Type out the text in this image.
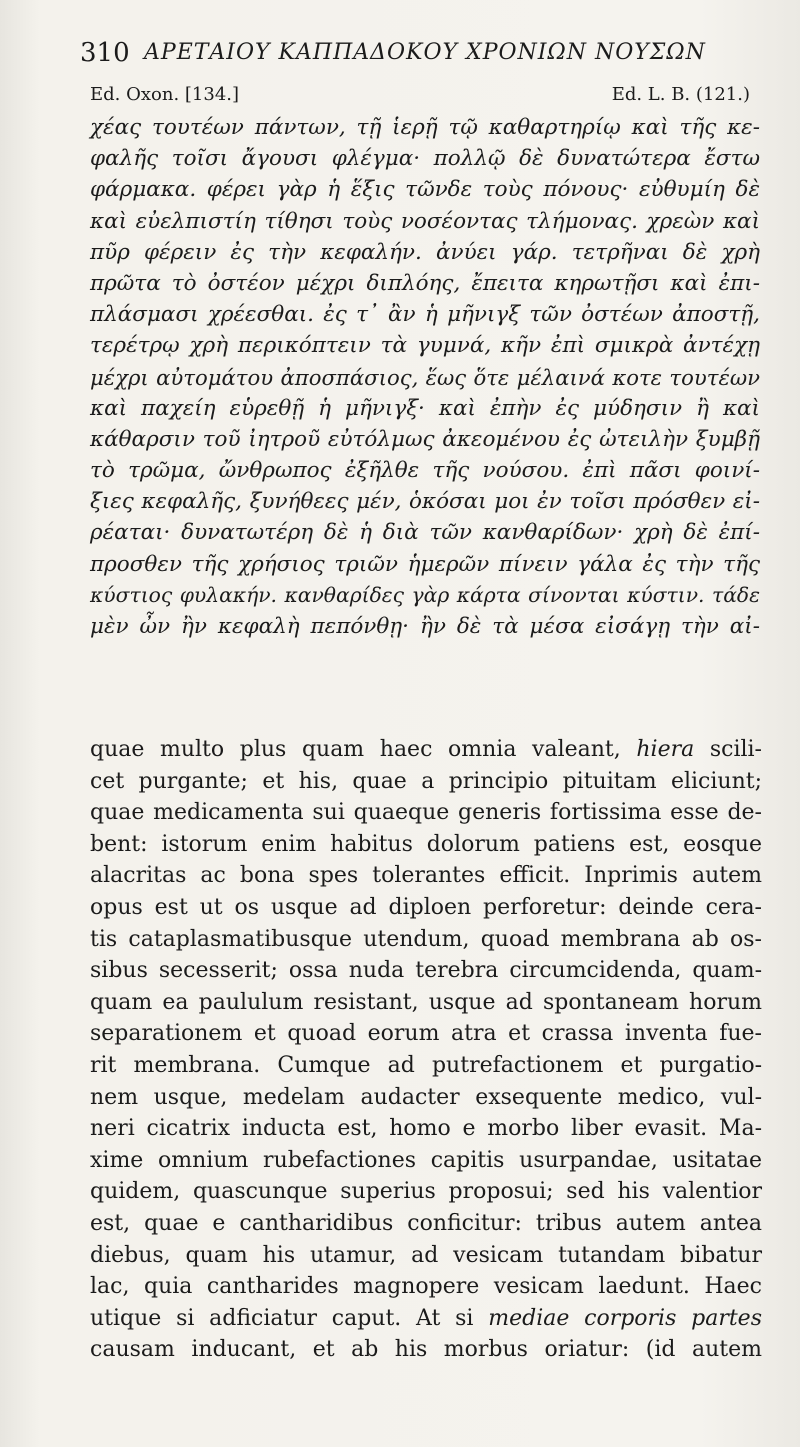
310 ΑΡΕΤΑΙΟΥ ΚΑΠΠΑΔΟΚΟΥ ΧΡΟΝΙΩΝ ΝΟΥΣΩΝ
Ed. Oxon. [134.]	Ed. L. B. (121.)
χέας τουτέων πάντων, τῇ ἱερῇ τῷ καθαρτηρίῳ καὶ τῆς κε-
φαλῆς τοῖσι ἄγουσι φλέγμα· πολλῷ δὲ δυνατώτερα ἔστω
φάρμακα. φέρει γὰρ ἡ ἕξις τῶνδε τοὺς πόνους· εὐθυμίη δὲ
καὶ εὐελπιστίη τίθησι τοὺς νοσέοντας τλήμονας. χρεὼν καὶ
πῦρ φέρειν ἐς τὴν κεφαλήν. ἀνύει γάρ. τετρῆναι δὲ χρὴ
πρῶτα τὸ ὀστέον μέχρι διπλόης, ἔπειτα κηρωτῇσι καὶ ἐπι-
πλάσμασι χρέεσθαι. ἐς τ᾽ ἂν ἡ μῆνιγξ τῶν ὀστέων ἀποστῇ,
τερέτρῳ χρὴ περικόπτειν τὰ γυμνά, κῆν ἐπὶ σμικρὰ ἀντέχῃ
μέχρι αὐτομάτου ἀποσπάσιος, ἕως ὅτε μέλαινά κοτε τουτέων
καὶ παχείη εὑρεθῇ ἡ μῆνιγξ· καὶ ἐπὴν ἐς μύδησιν ἢ καὶ
κάθαρσιν τοῦ ἰητροῦ εὐτόλμως ἀκεομένου ἐς ὠτειλὴν ξυμβῇ
τὸ τρῶμα, ὤνθρωπος ἐξῆλθε τῆς νούσου. ἐπὶ πᾶσι φοινί-
ξιες κεφαλῆς, ξυνήθεες μέν, ὁκόσαι μοι ἐν τοῖσι πρόσθεν εἰ-
ρέαται· δυνατωτέρη δὲ ἡ διὰ τῶν κανθαρίδων· χρὴ δὲ ἐπί-
προσθεν τῆς χρήσιος τριῶν ἡμερῶν πίνειν γάλα ἐς τὴν τῆς
κύστιος φυλακήν. κανθαρίδες γὰρ κάρτα σίνονται κύστιν. τάδε
μὲν ὦν ἢν κεφαλὴ πεπόνθῃ· ἢν δὲ τὰ μέσα εἰσάγῃ τὴν αἰ-
quae multo plus quam haec omnia valeant, hiera scili-
cet purgante; et his, quae a principio pituitam eliciunt;
quae medicamenta sui quaeque generis fortissima esse de-
bent: istorum enim habitus dolorum patiens est, eosque
alacritas ac bona spes tolerantes efficit. Inprimis autem
opus est ut os usque ad diploen perforetur: deinde cera-
tis cataplasmatibusque utendum, quoad membrana ab os-
sibus secesserit; ossa nuda terebra circumcidenda, quam-
quam ea paululum resistant, usque ad spontaneam horum
separationem et quoad eorum atra et crassa inventa fue-
rit membrana. Cumque ad putrefactionem et purgatio-
nem usque, medelam audacter exsequente medico, vul-
neri cicatrix inducta est, homo e morbo liber evasit. Ma-
xime omnium rubefactiones capitis usurpandae, usitatae
quidem, quascunque superius proposui; sed his valentior
est, quae e cantharidibus conficitur: tribus autem antea
diebus, quam his utamur, ad vesicam tutandam bibatur
lac, quia cantharides magnopere vesicam laedunt. Haec
utique si adficiatur caput. At si mediae corporis partes
causam inducant, et ab his morbus oriatur: (id autem
